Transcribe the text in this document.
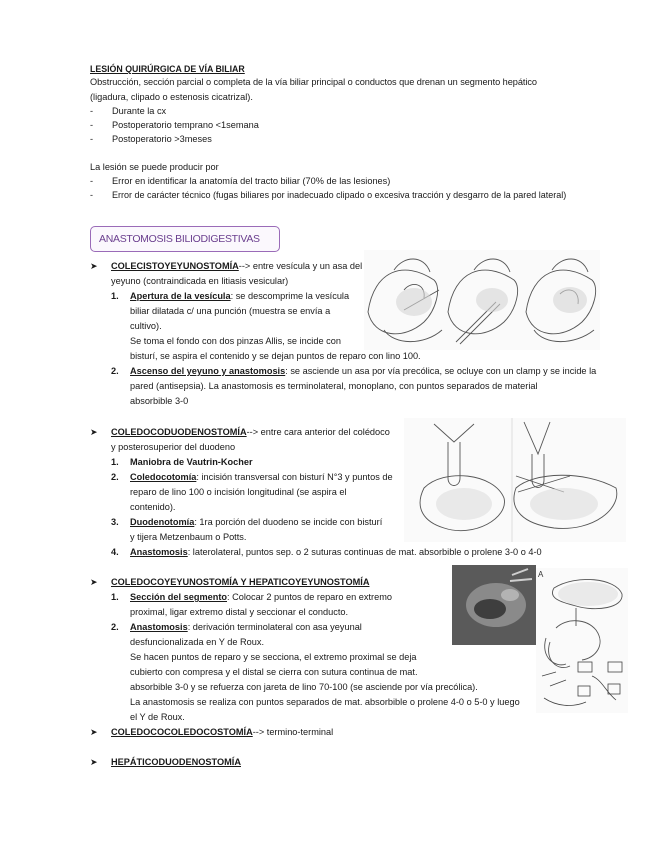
LESIÓN QUIRÚRGICA DE VÍA BILIAR
Obstrucción, sección parcial o completa de la vía biliar principal o conductos que drenan un segmento hepático
(ligadura, clipado o estenosis cicatrizal).
- Durante la cx
- Postoperatorio temprano <1semana
- Postoperatorio >3meses
La lesión se puede producir por
- Error en identificar la anatomía del tracto biliar (70% de las lesiones)
- Error de carácter técnico (fugas biliares por inadecuado clipado o excesiva tracción y desgarro de la pared lateral)
ANASTOMOSIS BILIODIGESTIVAS
➤ COLECISTOYEYUNOSTOMÍA--> entre vesícula y un asa del
yeyuno (contraindicada en litiasis vesicular)
1. Apertura de la vesícula: se descomprime la vesícula
biliar dilatada c/ una punción (muestra se envía a
cultivo).
Se toma el fondo con dos pinzas Allis, se incide con
bisturí, se aspira el contenido y se dejan puntos de reparo con lino 100.
2. Ascenso del yeyuno y anastomosis: se asciende un asa por vía precólica, se ocluye con un clamp y se incide la
pared (antisepsia). La anastomosis es terminolateral, monoplano, con puntos separados de material
absorbible 3-0
➤ COLEDOCODUODENOSTOMÍA--> entre cara anterior del colédoco
y posterosuperior del duodeno
1. Maniobra de Vautrin-Kocher
2. Coledocotomía: incisión transversal con bisturí N°3 y puntos de
reparo de lino 100 o incisión longitudinal (se aspira el
contenido).
3. Duodenotomía: 1ra porción del duodeno se incide con bisturí
y tijera Metzenbaum o Potts.
4. Anastomosis: laterolateral, puntos sep. o 2 suturas continuas de mat. absorbible o prolene 3-0 o 4-0
➤ COLEDOCOYEYUNOSTOMÍA Y HEPATICOYEYUNOSTOMÍA
1. Sección del segmento: Colocar 2 puntos de reparo en extremo
proximal, ligar extremo distal y seccionar el conducto.
2. Anastomosis: derivación terminolateral con asa yeyunal
desfuncionalizada en Y de Roux.
Se hacen puntos de reparo y se secciona, el extremo proximal se deja
cubierto con compresa y el distal se cierra con sutura continua de mat.
absorbible 3-0 y se refuerza con jareta de lino 70-100 (se asciende por vía precólica).
La anastomosis se realiza con puntos separados de mat. absorbible o prolene 4-0 o 5-0 y luego
el Y de Roux.
A
➤ COLEDOCOCOLEDOCOSTOMÍA--> termino-terminal
➤ HEPÁTICODUODENOSTOMÍA
